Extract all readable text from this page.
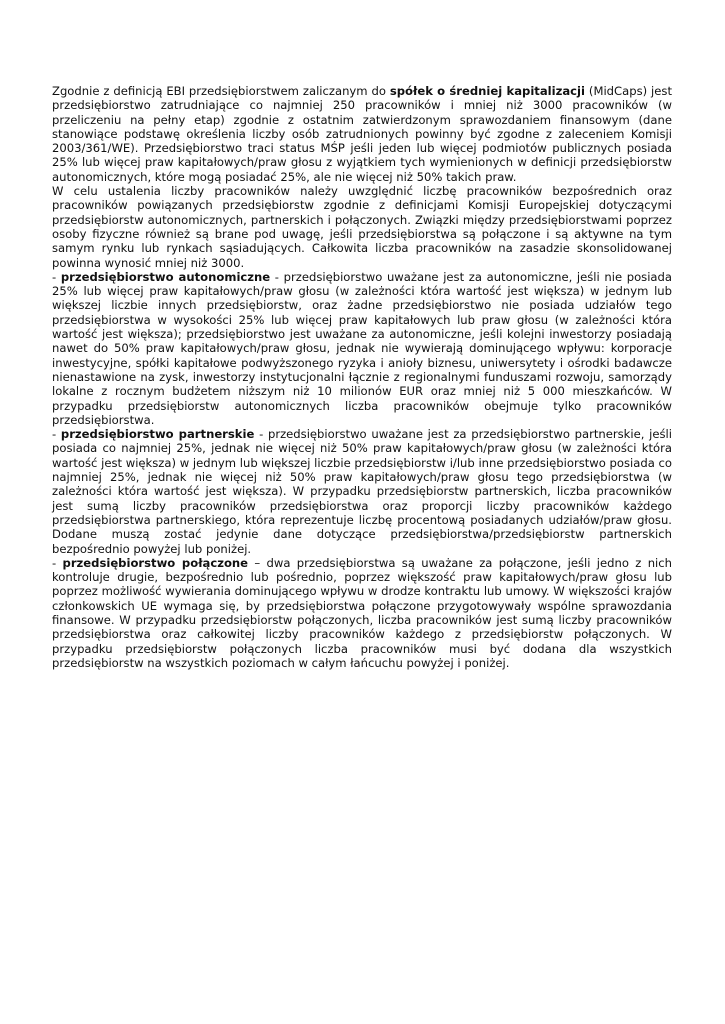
Zgodnie z definicją EBI przedsiębiorstwem zaliczanym do spółek o średniej kapitalizacji (MidCaps) jest przedsiębiorstwo zatrudniające co najmniej 250 pracowników i mniej niż 3000 pracowników (w przeliczeniu na pełny etap) zgodnie z ostatnim zatwierdzonym sprawozdaniem finansowym (dane stanowiące podstawę określenia liczby osób zatrudnionych powinny być zgodne z zaleceniem Komisji 2003/361/WE). Przedsiębiorstwo traci status MŚP jeśli jeden lub więcej podmiotów publicznych posiada 25% lub więcej praw kapitałowych/praw głosu z wyjątkiem tych wymienionych w definicji przedsiębiorstw autonomicznych, które mogą posiadać 25%, ale nie więcej niż 50% takich praw.

W celu ustalenia liczby pracowników należy uwzględnić liczbę pracowników bezpośrednich oraz pracowników powiązanych przedsiębiorstw zgodnie z definicjami Komisji Europejskiej dotyczącymi przedsiębiorstw autonomicznych, partnerskich i połączonych. Związki między przedsiębiorstwami poprzez osoby fizyczne również są brane pod uwagę, jeśli przedsiębiorstwa są połączone i są aktywne na tym samym rynku lub rynkach sąsiadujących. Całkowita liczba pracowników na zasadzie skonsolidowanej powinna wynosić mniej niż 3000.

- przedsiębiorstwo autonomiczne - przedsiębiorstwo uważane jest za autonomiczne, jeśli nie posiada 25% lub więcej praw kapitałowych/praw głosu (w zależności która wartość jest większa) w jednym lub większej liczbie innych przedsiębiorstw, oraz żadne przedsiębiorstwo nie posiada udziałów tego przedsiębiorstwa w wysokości 25% lub więcej praw kapitałowych lub praw głosu (w zależności która wartość jest większa); przedsiębiorstwo jest uważane za autonomiczne, jeśli kolejni inwestorzy posiadają nawet do 50% praw kapitałowych/praw głosu, jednak nie wywierają dominującego wpływu: korporacje inwestycyjne, spółki kapitałowe podwyższonego ryzyka i anioły biznesu, uniwersytety i ośrodki badawcze nienastawione na zysk, inwestorzy instytucjonalni łącznie z regionalnymi funduszami rozwoju, samorządy lokalne z rocznym budżetem niższym niż 10 milionów EUR oraz mniej niż 5 000 mieszkańców. W przypadku przedsiębiorstw autonomicznych liczba pracowników obejmuje tylko pracowników przedsiębiorstwa.

- przedsiębiorstwo partnerskie - przedsiębiorstwo uważane jest za przedsiębiorstwo partnerskie, jeśli posiada co najmniej 25%, jednak nie więcej niż 50% praw kapitałowych/praw głosu (w zależności która wartość jest większa) w jednym lub większej liczbie przedsiębiorstw i/lub inne przedsiębiorstwo posiada co najmniej 25%, jednak nie więcej niż 50% praw kapitałowych/praw głosu tego przedsiębiorstwa (w zależności która wartość jest większa). W przypadku przedsiębiorstw partnerskich, liczba pracowników jest sumą liczby pracowników przedsiębiorstwa oraz proporcji liczby pracowników każdego przedsiębiorstwa partnerskiego, która reprezentuje liczbę procentową posiadanych udziałów/praw głosu. Dodane muszą zostać jedynie dane dotyczące przedsiębiorstwa/przedsiębiorstw partnerskich bezpośrednio powyżej lub poniżej.

- przedsiębiorstwo połączone – dwa przedsiębiorstwa są uważane za połączone, jeśli jedno z nich kontroluje drugie, bezpośrednio lub pośrednio, poprzez większość praw kapitałowych/praw głosu lub poprzez możliwość wywierania dominującego wpływu w drodze kontraktu lub umowy. W większości krajów członkowskich UE wymaga się, by przedsiębiorstwa połączone przygotowywały wspólne sprawozdania finansowe. W przypadku przedsiębiorstw połączonych, liczba pracowników jest sumą liczby pracowników przedsiębiorstwa oraz całkowitej liczby pracowników każdego z przedsiębiorstw połączonych. W przypadku przedsiębiorstw połączonych liczba pracowników musi być dodana dla wszystkich przedsiębiorstw na wszystkich poziomach w całym łańcuchu powyżej i poniżej.
